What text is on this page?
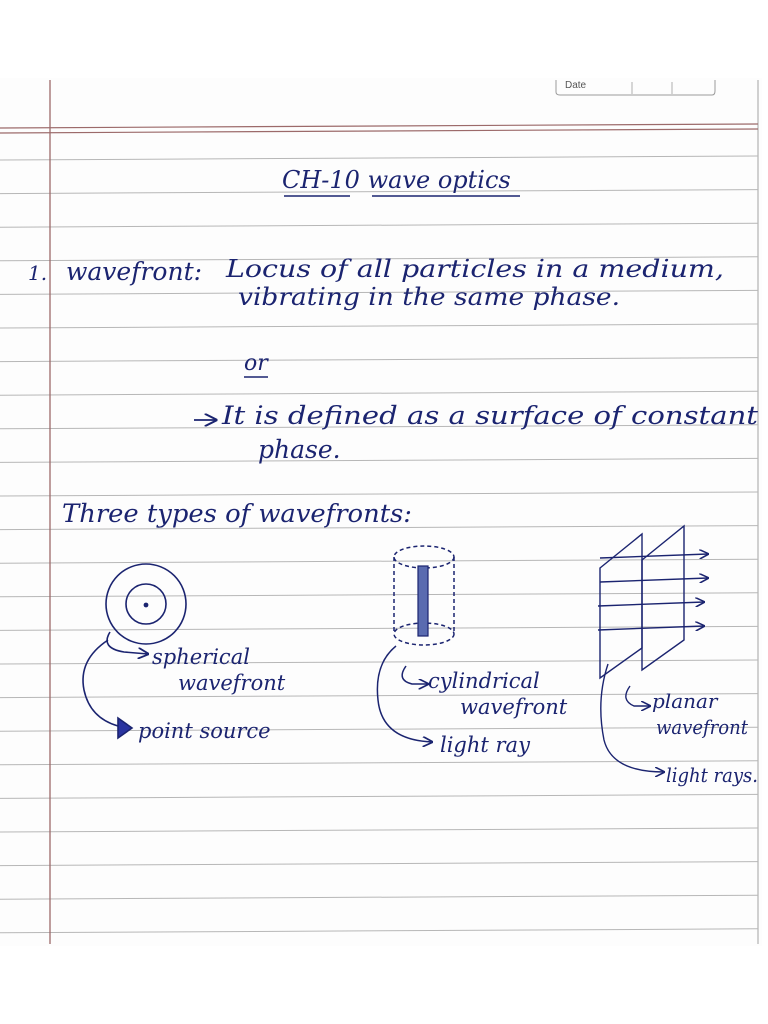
Date
CH-10 wave optics
1. wavefront: Locus of all particles in a medium,
vibrating in the same phase.
or
It is defined as a surface of constant
phase.
Three types of wavefronts:
spherical
wavefront
point source
cylindrical
wavefront
light ray
planar
wavefront
light rays.
